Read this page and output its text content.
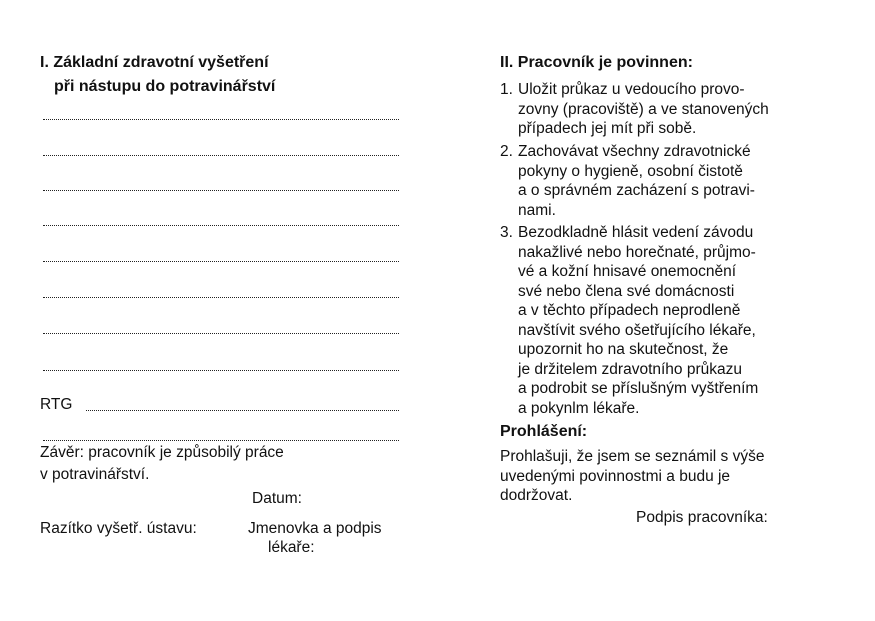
I. Základní zdravotní vyšetření
při nástupu do potravinářství
RTG
Závěr: pracovník je způsobilý práce
v potravinářství.
Datum:
Razítko vyšetř. ústavu:	Jmenovka a podpis
lékaře:
II. Pracovník je povinnen:
1. Uložit průkaz u vedoucího provo-
zovny (pracoviště) a ve stanovených
případech jej mít při sobě.
2. Zachovávat všechny zdravotnické
pokyny o hygieně, osobní čistotě
a o správném zacházení s potravi-
nami.
3. Bezodkladně hlásit vedení závodu
nakažlivé nebo horečnaté, průjmo-
vé a kožní hnisavé onemocnění
své nebo člena své domácnosti
a v těchto případech neprodleně
navštívit svého ošetřujícího lékaře,
upozornit ho na skutečnost, že
je držitelem zdravotního průkazu
a podrobit se příslušným vyštřením
a pokynlm lékaře.
Prohlášení:
Prohlašuji, že jsem se seznámil s výše
uvedenými povinnostmi a budu je
dodržovat.
Podpis pracovníka:
